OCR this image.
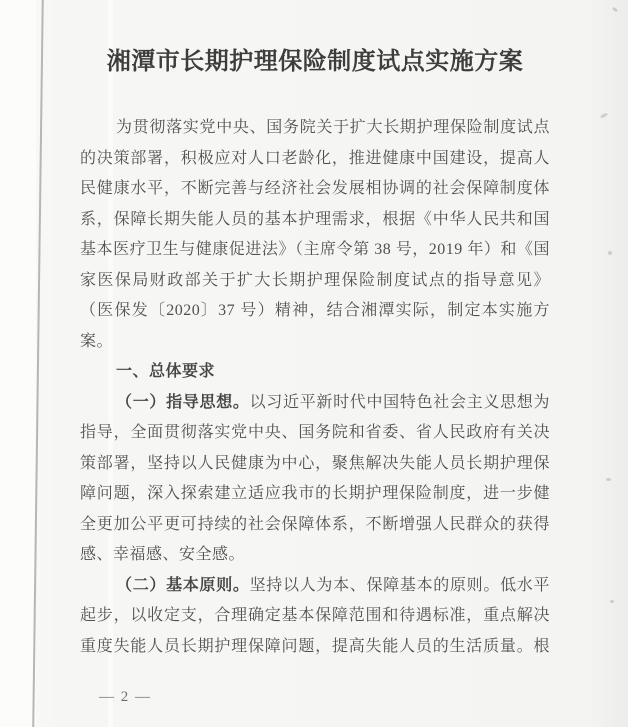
湘潭市长期护理保险制度试点实施方案
为贯彻落实党中央、国务院关于扩大长期护理保险制度试点
的决策部署，积极应对人口老龄化，推进健康中国建设，提高人
民健康水平，不断完善与经济社会发展相协调的社会保障制度体
系，保障长期失能人员的基本护理需求，根据《中华人民共和国
基本医疗卫生与健康促进法》（主席令第 38 号，2019 年）和《国
家医保局财政部关于扩大长期护理保险制度试点的指导意见》
（医保发〔2020〕37 号）精神，结合湘潭实际，制定本实施方
案。
一、总体要求
（一）指导思想。以习近平新时代中国特色社会主义思想为
指导，全面贯彻落实党中央、国务院和省委、省人民政府有关决
策部署，坚持以人民健康为中心，聚焦解决失能人员长期护理保
障问题，深入探索建立适应我市的长期护理保险制度，进一步健
全更加公平更可持续的社会保障体系，不断增强人民群众的获得
感、幸福感、安全感。
（二）基本原则。坚持以人为本、保障基本的原则。低水平
起步，以收定支，合理确定基本保障范围和待遇标准，重点解决
重度失能人员长期护理保障问题，提高失能人员的生活质量。根
— 2 —
